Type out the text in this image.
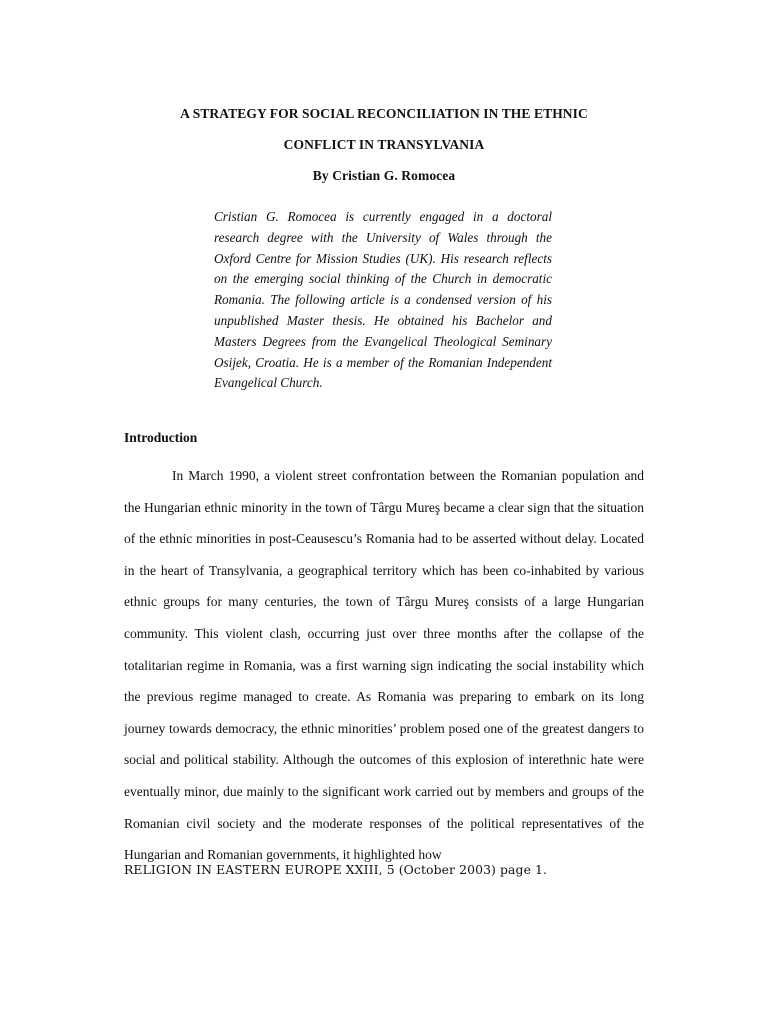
A STRATEGY FOR SOCIAL RECONCILIATION IN THE ETHNIC
CONFLICT IN TRANSYLVANIA
By Cristian G. Romocea

Cristian G. Romocea is currently engaged in a doctoral research degree with the University of Wales through the Oxford Centre for Mission Studies (UK). His research reflects on the emerging social thinking of the Church in democratic Romania. The following article is a condensed version of his unpublished Master thesis. He obtained his Bachelor and Masters Degrees from the Evangelical Theological Seminary Osijek, Croatia. He is a member of the Romanian Independent Evangelical Church.

Introduction

In March 1990, a violent street confrontation between the Romanian population and the Hungarian ethnic minority in the town of Târgu Mureş became a clear sign that the situation of the ethnic minorities in post-Ceausescu’s Romania had to be asserted without delay. Located in the heart of Transylvania, a geographical territory which has been co-inhabited by various ethnic groups for many centuries, the town of Târgu Mureş consists of a large Hungarian community. This violent clash, occurring just over three months after the collapse of the totalitarian regime in Romania, was a first warning sign indicating the social instability which the previous regime managed to create. As Romania was preparing to embark on its long journey towards democracy, the ethnic minorities’ problem posed one of the greatest dangers to social and political stability. Although the outcomes of this explosion of interethnic hate were eventually minor, due mainly to the significant work carried out by members and groups of the Romanian civil society and the moderate responses of the political representatives of the Hungarian and Romanian governments, it highlighted how

RELIGION IN EASTERN EUROPE XXIII, 5 (October 2003) page 1.
